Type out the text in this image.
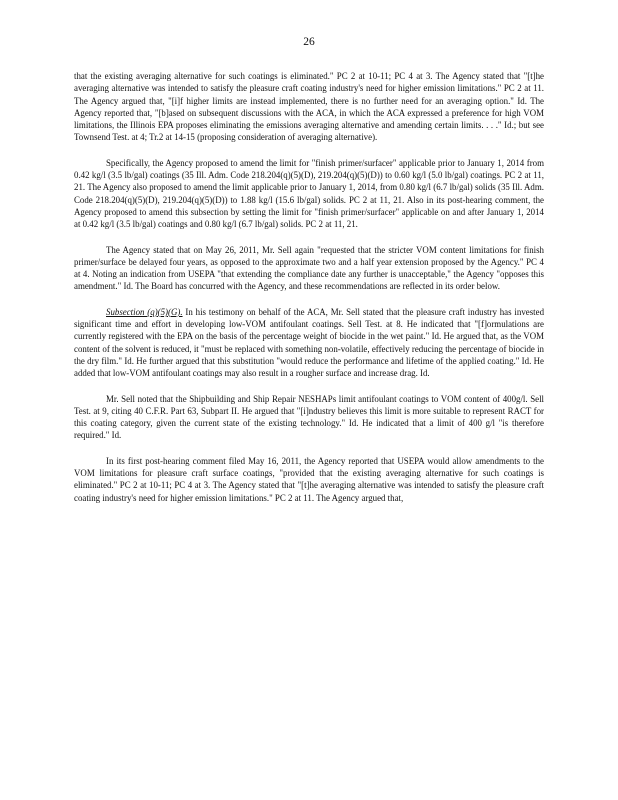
26

that the existing averaging alternative for such coatings is eliminated." PC 2 at 10-11; PC 4 at 3. The Agency stated that "[t]he averaging alternative was intended to satisfy the pleasure craft coating industry's need for higher emission limitations." PC 2 at 11. The Agency argued that, "[i]f higher limits are instead implemented, there is no further need for an averaging option." Id. The Agency reported that, "[b]ased on subsequent discussions with the ACA, in which the ACA expressed a preference for high VOM limitations, the Illinois EPA proposes eliminating the emissions averaging alternative and amending certain limits. . . ." Id.; but see Townsend Test. at 4; Tr.2 at 14-15 (proposing consideration of averaging alternative).

Specifically, the Agency proposed to amend the limit for "finish primer/surfacer" applicable prior to January 1, 2014 from 0.42 kg/l (3.5 lb/gal) coatings (35 Ill. Adm. Code 218.204(q)(5)(D), 219.204(q)(5)(D)) to 0.60 kg/l (5.0 lb/gal) coatings. PC 2 at 11, 21. The Agency also proposed to amend the limit applicable prior to January 1, 2014, from 0.80 kg/l (6.7 lb/gal) solids (35 Ill. Adm. Code 218.204(q)(5)(D), 219.204(q)(5)(D)) to 1.88 kg/l (15.6 lb/gal) solids. PC 2 at 11, 21. Also in its post-hearing comment, the Agency proposed to amend this subsection by setting the limit for "finish primer/surfacer" applicable on and after January 1, 2014 at 0.42 kg/l (3.5 lb/gal) coatings and 0.80 kg/l (6.7 lb/gal) solids. PC 2 at 11, 21.

The Agency stated that on May 26, 2011, Mr. Sell again "requested that the stricter VOM content limitations for finish primer/surface be delayed four years, as opposed to the approximate two and a half year extension proposed by the Agency." PC 4 at 4. Noting an indication from USEPA "that extending the compliance date any further is unacceptable," the Agency "opposes this amendment." Id. The Board has concurred with the Agency, and these recommendations are reflected in its order below.

Subsection (q)(5)(G). In his testimony on behalf of the ACA, Mr. Sell stated that the pleasure craft industry has invested significant time and effort in developing low-VOM antifoulant coatings. Sell Test. at 8. He indicated that "[f]ormulations are currently registered with the EPA on the basis of the percentage weight of biocide in the wet paint." Id. He argued that, as the VOM content of the solvent is reduced, it "must be replaced with something non-volatile, effectively reducing the percentage of biocide in the dry film." Id. He further argued that this substitution "would reduce the performance and lifetime of the applied coating." Id. He added that low-VOM antifoulant coatings may also result in a rougher surface and increase drag. Id.

Mr. Sell noted that the Shipbuilding and Ship Repair NESHAPs limit antifoulant coatings to VOM content of 400g/l. Sell Test. at 9, citing 40 C.F.R. Part 63, Subpart II. He argued that "[i]ndustry believes this limit is more suitable to represent RACT for this coating category, given the current state of the existing technology." Id. He indicated that a limit of 400 g/l "is therefore required." Id.

In its first post-hearing comment filed May 16, 2011, the Agency reported that USEPA would allow amendments to the VOM limitations for pleasure craft surface coatings, "provided that the existing averaging alternative for such coatings is eliminated." PC 2 at 10-11; PC 4 at 3. The Agency stated that "[t]he averaging alternative was intended to satisfy the pleasure craft coating industry's need for higher emission limitations." PC 2 at 11. The Agency argued that,
